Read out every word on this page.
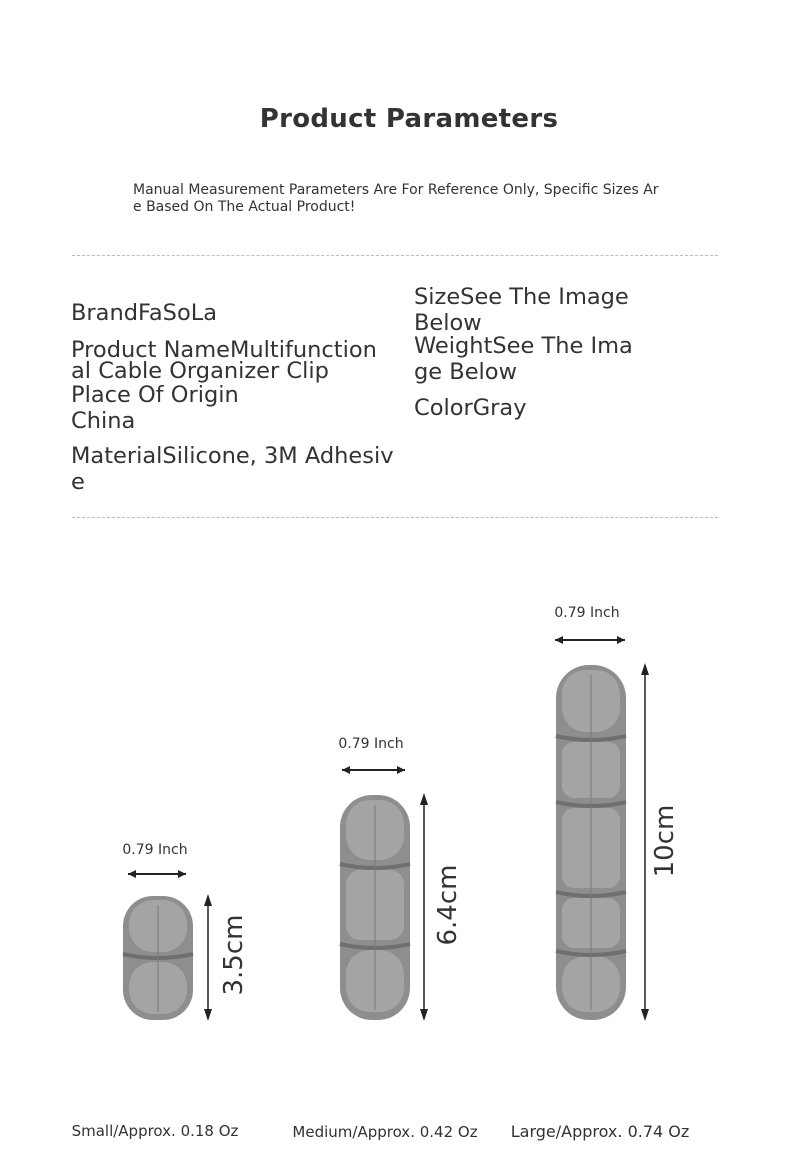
Product Parameters
Manual Measurement Parameters Are For Reference Only, Specific Sizes Are Based On The Actual Product!
BrandFaSoLa
Product NameMultifunctional Cable Organizer Clip
Place Of OriginChina
MaterialSilicone, 3M Adhesive
SizeSee The Image Below
WeightSee The Image Below
ColorGray
0.79 Inch
3.5cm
0.79 Inch
6.4cm
0.79 Inch
10cm
Small/Approx. 0.18 Oz	Medium/Approx. 0.42 Oz	Large/Approx. 0.74 Oz
